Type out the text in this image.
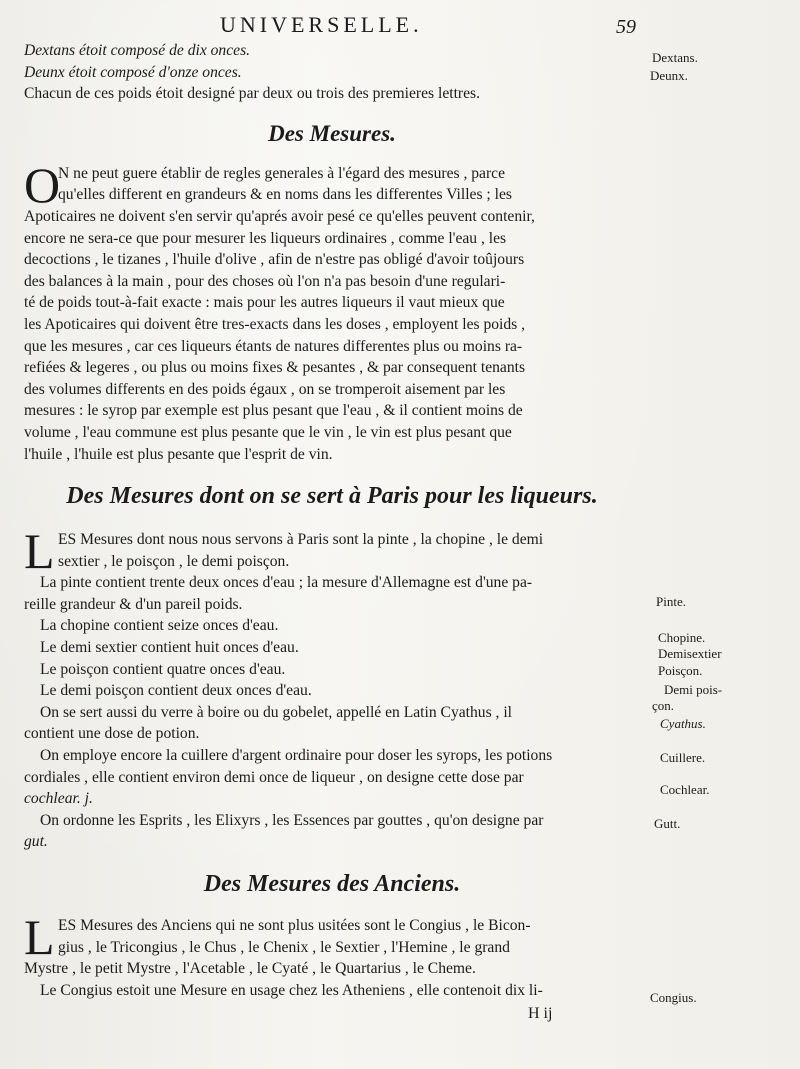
UNIVERSELLE.	59
Dextans étoit composé de dix onces.
Deunx étoit composé d'onze onces.
Chacun de ces poids étoit designé par deux ou trois des premieres lettres.
Des Mesures.
O
N ne peut guere établir de regles generales à l'égard des mesures , parce
qu'elles different en grandeurs & en noms dans les differentes Villes ; les
Apoticaires ne doivent s'en servir qu'aprés avoir pesé ce qu'elles peuvent contenir,
encore ne sera-ce que pour mesurer les liqueurs ordinaires , comme l'eau , les
decoctions , le tizanes , l'huile d'olive , afin de n'estre pas obligé d'avoir toûjours
des balances à la main , pour des choses où l'on n'a pas besoin d'une regulari-
té de poids tout-à-fait exacte : mais pour les autres liqueurs il vaut mieux que
les Apoticaires qui doivent être tres-exacts dans les doses , employent les poids ,
que les mesures , car ces liqueurs étants de natures differentes plus ou moins ra-
refiées & legeres , ou plus ou moins fixes & pesantes , & par consequent tenants
des volumes differents en des poids égaux , on se tromperoit aisement par les
mesures : le syrop par exemple est plus pesant que l'eau , & il contient moins de
volume , l'eau commune est plus pesante que le vin , le vin est plus pesant que
l'huile , l'huile est plus pesante que l'esprit de vin.
Des Mesures dont on se sert à Paris pour les liqueurs.
L ES Mesures dont nous nous servons à Paris sont la pinte , la chopine , le demi
sextier , le poisçon , le demi poisçon.
La pinte contient trente deux onces d'eau ; la mesure d'Allemagne est d'une pa-
reille grandeur & d'un pareil poids.
La chopine contient seize onces d'eau.
Le demi sextier contient huit onces d'eau.
Le poisçon contient quatre onces d'eau.
Le demi poisçon contient deux onces d'eau.
On se sert aussi du verre à boire ou du gobelet, appellé en Latin Cyathus , il
contient une dose de potion.
On employe encore la cuillere d'argent ordinaire pour doser les syrops, les potions
cordiales , elle contient environ demi once de liqueur , on designe cette dose par
cochlear. j.
On ordonne les Esprits , les Elixyrs , les Essences par gouttes , qu'on designe par
gut.
Des Mesures des Anciens.
L ES Mesures des Anciens qui ne sont plus usitées sont le Congius , le Bicon-
gius , le Tricongius , le Chus , le Chenix , le Sextier , l'Hemine , le grand
Mystre , le petit Mystre , l'Acetable , le Cyaté , le Quartarius , le Cheme.
Le Congius estoit une Mesure en usage chez les Atheniens , elle contenoit dix li-
H ij
Dextans.
Deunx.
Pinte.
Chopine.
Demisextier
Poisçon.
Demi pois-
çon.
Cyathus.
Cuillere.
Cochlear.
Gutt.
Congius.
